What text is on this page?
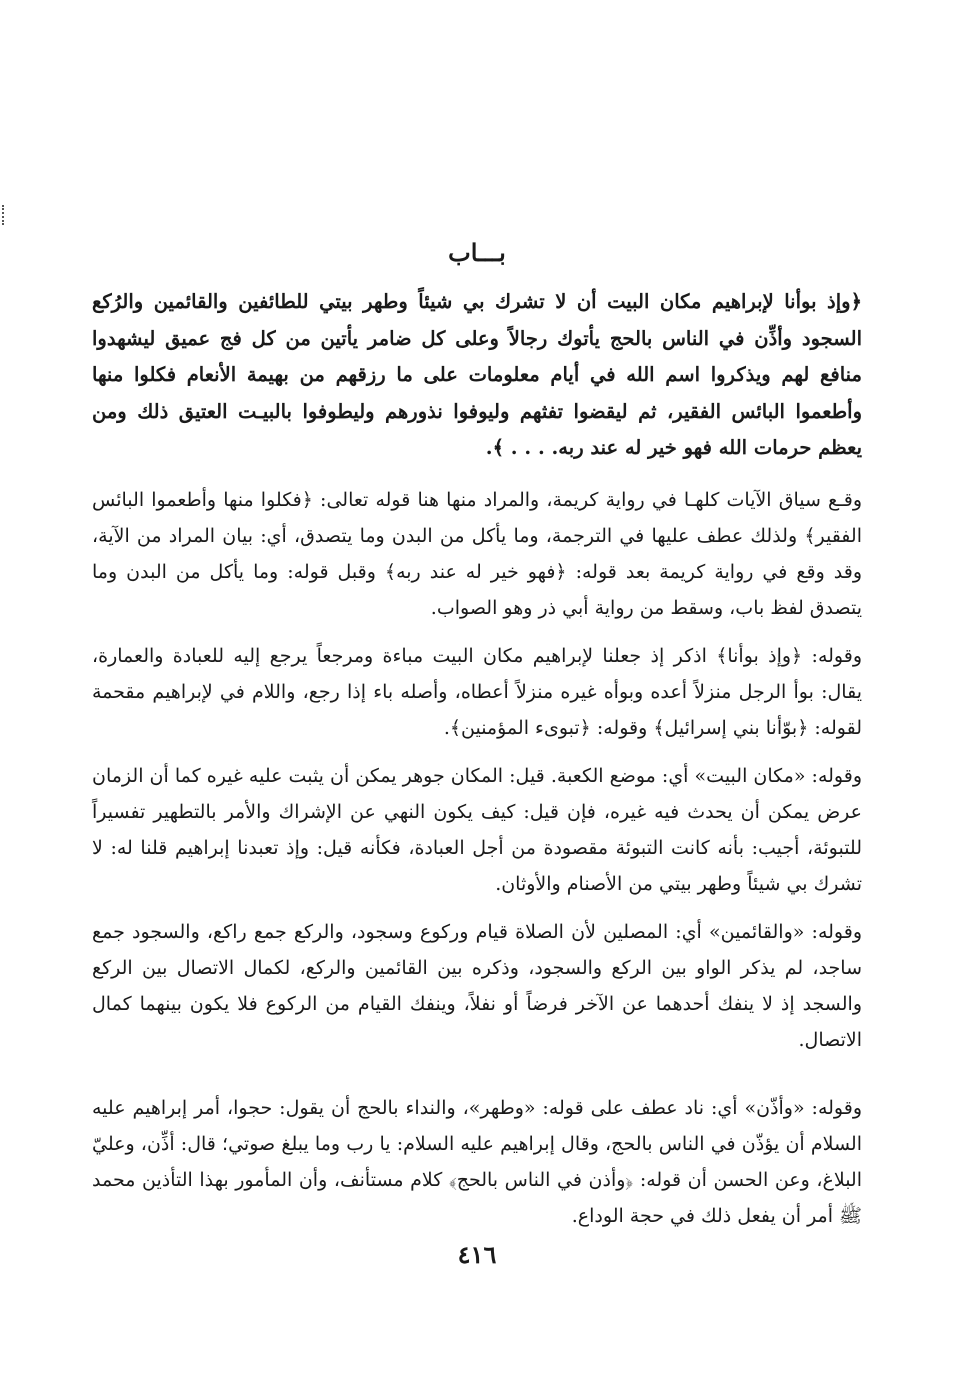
بـــاب
﴿وإذ بوأنا لإبراهيم مكان البيت أن لا تشرك بي شيئاً وطهر بيتي للطائفين والقائمين والرُكع السجود وأذِّن في الناس بالحج يأتوك رجالاً وعلى كل ضامر يأتين من كل فج عميق ليشهدوا منافع لهم ويذكروا اسم الله في أيام معلومات على ما رزقهم من بهيمة الأنعام فكلوا منها وأطعموا البائس الفقير، ثم ليقضوا تفثهم وليوفوا نذورهم وليطوفوا بالبيـت العتيق ذلك ومن يعظم حرمات الله فهو خير له عند ربه. . . . ﴾.
وقـع سياق الآيات كلهـا في رواية كريمة، والمراد منها هنا قوله تعالى: ﴿فكلوا منها وأطعموا البائس الفقير﴾ ولذلك عطف عليها في الترجمة، وما يأكل من البدن وما يتصدق، أي: بيان المراد من الآية، وقد وقع في رواية كريمة بعد قوله: ﴿فهو خير له عند ربه﴾ وقبل قوله: وما يأكل من البدن وما يتصدق لفظ باب، وسقط من رواية أبي ذر وهو الصواب.
وقوله: ﴿وإذ بوأنا﴾ اذكر إذ جعلنا لإبراهيم مكان البيت مباءة ومرجعاً يرجع إليه للعبادة والعمارة، يقال: بوأ الرجل منزلاً أعده وبوأه غيره منزلاً أعطاه، وأصله باء إذا رجع، واللام في لإبراهيم مقحمة لقوله: ﴿بوّأنا بني إسرائيل﴾ وقوله: ﴿تبوىء المؤمنين﴾.
وقوله: «مكان البيت» أي: موضع الكعبة. قيل: المكان جوهر يمكن أن يثبت عليه غيره كما أن الزمان عرض يمكن أن يحدث فيه غيره، فإن قيل: كيف يكون النهي عن الإشراك والأمر بالتطهير تفسيراً للتبوئة، أجيب: بأنه كانت التبوئة مقصودة من أجل العبادة، فكأنه قيل: وإذ تعبدنا إبراهيم قلنا له: لا تشرك بي شيئاً وطهر بيتي من الأصنام والأوثان.
وقوله: «والقائمين» أي: المصلين لأن الصلاة قيام وركوع وسجود، والركع جمع راكع، والسجود جمع ساجد، لم يذكر الواو بين الركع والسجود، وذكره بين القائمين والركع، لكمال الاتصال بين الركع والسجد إذ لا ينفك أحدهما عن الآخر فرضاً أو نفلاً، وينفك القيام من الركوع فلا يكون بينهما كمال الاتصال.
وقوله: «وأذّن» أي: ناد عطف على قوله: «وطهر»، والنداء بالحج أن يقول: حجوا، أمر إبراهيم عليه السلام أن يؤذّن في الناس بالحج، وقال إبراهيم عليه السلام: يا رب وما يبلغ صوتي؛ قال: أذِّن، وعليّ البلاغ، وعن الحسن أن قوله: ﴿وأذن في الناس بالحج﴾ كلام مستأنف، وأن المأمور بهذا التأذين محمد ﷺ أمر أن يفعل ذلك في حجة الوداع.
٤١٦
